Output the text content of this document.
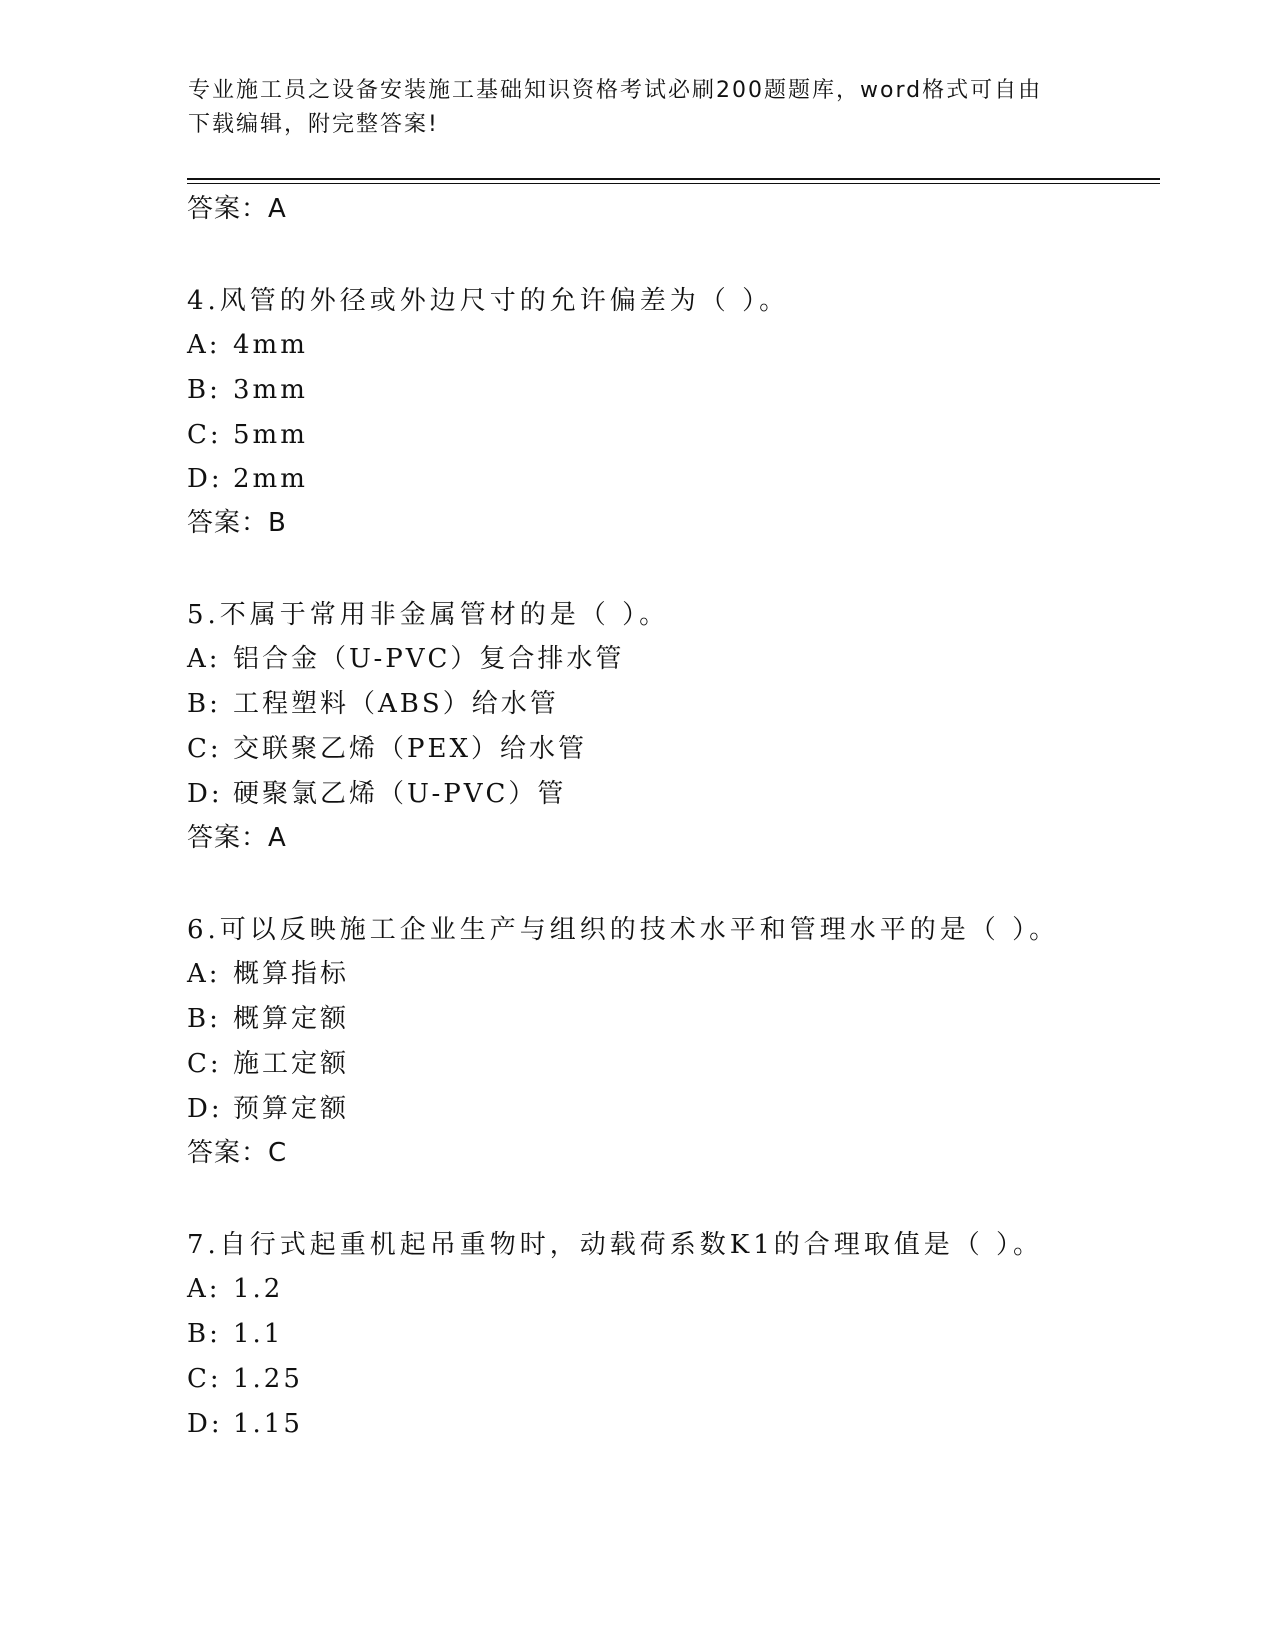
专业施工员之设备安装施工基础知识资格考试必刷200题题库，word格式可自由
下载编辑，附完整答案!
答案：A
4.风管的外径或外边尺寸的允许偏差为（ ）。
A: 4mm
B: 3mm
C: 5mm
D: 2mm
答案：B
5.不属于常用非金属管材的是（ ）。
A: 铝合金（U-PVC）复合排水管
B: 工程塑料（ABS）给水管
C: 交联聚乙烯（PEX）给水管
D: 硬聚氯乙烯（U-PVC）管
答案：A
6.可以反映施工企业生产与组织的技术水平和管理水平的是（ ）。
A: 概算指标
B: 概算定额
C: 施工定额
D: 预算定额
答案：C
7.自行式起重机起吊重物时，动载荷系数K1的合理取值是（ ）。
A: 1.2
B: 1.1
C: 1.25
D: 1.15
